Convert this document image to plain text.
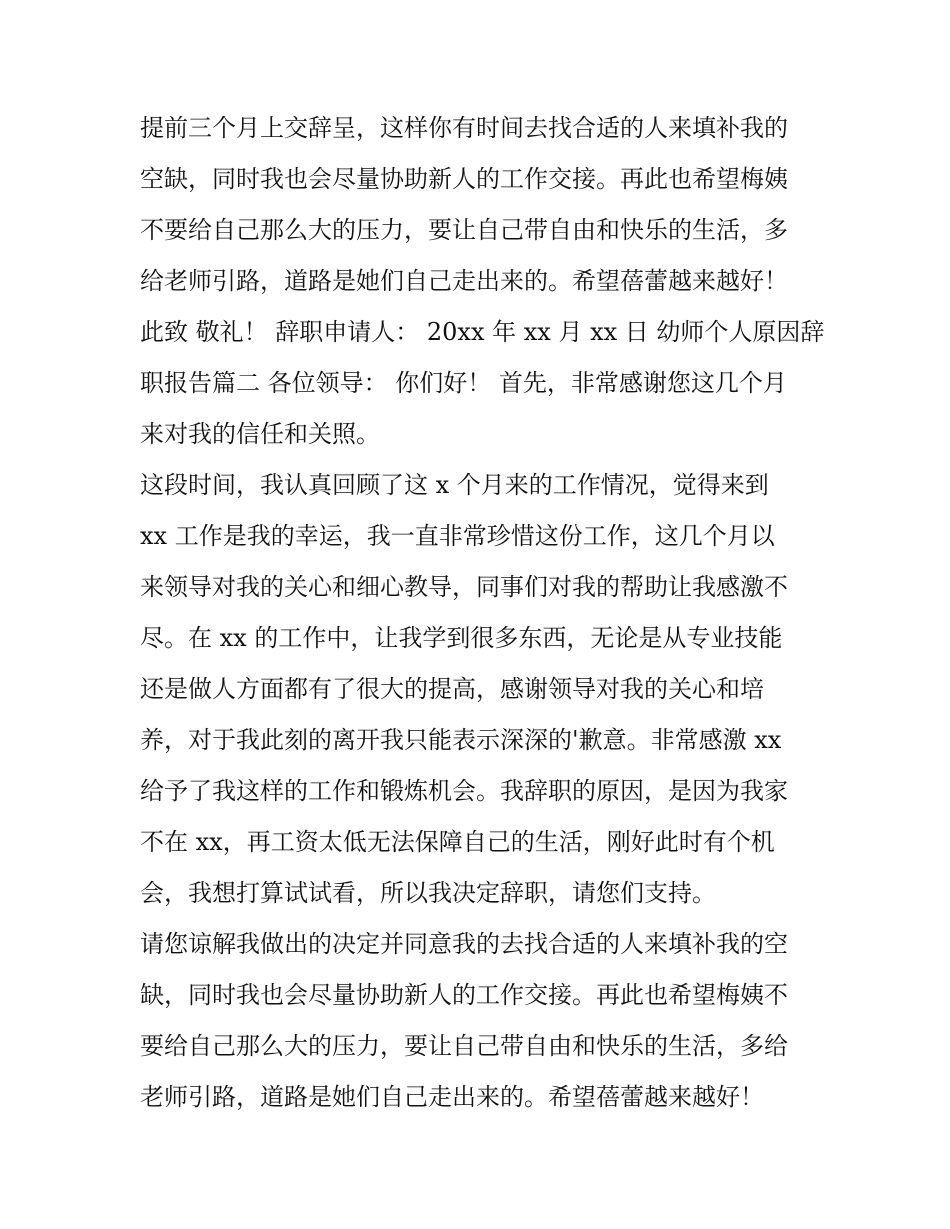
提前三个月上交辞呈，这样你有时间去找合适的人来填补我的
空缺，同时我也会尽量协助新人的工作交接。再此也希望梅姨
不要给自己那么大的压力，要让自己带自由和快乐的生活，多
给老师引路，道路是她们自己走出来的。希望蓓蕾越来越好！
此致 敬礼！ 辞职申请人： 20xx 年 xx 月 xx 日 幼师个人原因辞
职报告篇二 各位领导： 你们好！ 首先，非常感谢您这几个月
来对我的信任和关照。
这段时间，我认真回顾了这 x 个月来的工作情况，觉得来到
xx 工作是我的幸运，我一直非常珍惜这份工作，这几个月以
来领导对我的关心和细心教导，同事们对我的帮助让我感激不
尽。在 xx 的工作中，让我学到很多东西，无论是从专业技能
还是做人方面都有了很大的提高，感谢领导对我的关心和培
养，对于我此刻的离开我只能表示深深的'歉意。非常感激 xx
给予了我这样的工作和锻炼机会。我辞职的原因，是因为我家
不在 xx，再工资太低无法保障自己的生活，刚好此时有个机
会，我想打算试试看，所以我决定辞职，请您们支持。
请您谅解我做出的决定并同意我的去找合适的人来填补我的空
缺，同时我也会尽量协助新人的工作交接。再此也希望梅姨不
要给自己那么大的压力，要让自己带自由和快乐的生活，多给
老师引路，道路是她们自己走出来的。希望蓓蕾越来越好！
